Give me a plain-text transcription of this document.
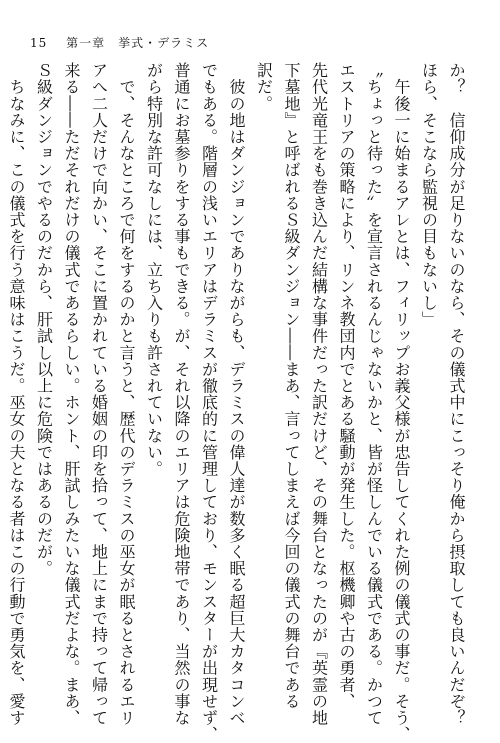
15 第一章　挙式・デラミス
か？　信仰成分が足りないのなら、その儀式中にこっそり俺から摂取しても良いんだぞ？
ほら、そこなら監視の目もないし」
　午後一に始まるアレとは、フィリップお義父様が忠告してくれた例の儀式の事だ。そう、
〝ちょっと待った〟を宣言されるんじゃないかと、皆が怪しんでいる儀式である。かつて
エストリアの策略により、リンネ教団内でとある騒動が発生した。枢機卿や古の勇者、
先代光竜王をも巻き込んだ結構な事件だった訳だけど、その舞台となったのが『英霊の地
下墓地』と呼ばれるＳ級ダンジョン――まあ、言ってしまえば今回の儀式の舞台である
訳だ。
　彼の地はダンジョンでありながらも、デラミスの偉人達が数多く眠る超巨大カタコンベ
でもある。階層の浅いエリアはデラミスが徹底的に管理しており、モンスターが出現せず、
普通にお墓参りをする事もできる。が、それ以降のエリアは危険地帯であり、当然の事な
がら特別な許可なしには、立ち入りも許されていない。
　で、そんなところで何をするのかと言うと、歴代のデラミスの巫女が眠るとされるエリ
アへ二人だけで向かい、そこに置かれている婚姻の印を拾って、地上にまで持って帰って
来る――ただそれだけの儀式であるらしい。ホント、肝試しみたいな儀式だよな。まあ、
Ｓ級ダンジョンでやるのだから、肝試し以上に危険ではあるのだが。
　ちなみに、この儀式を行う意味はこうだ。巫女の夫となる者はこの行動で勇気を、愛す
